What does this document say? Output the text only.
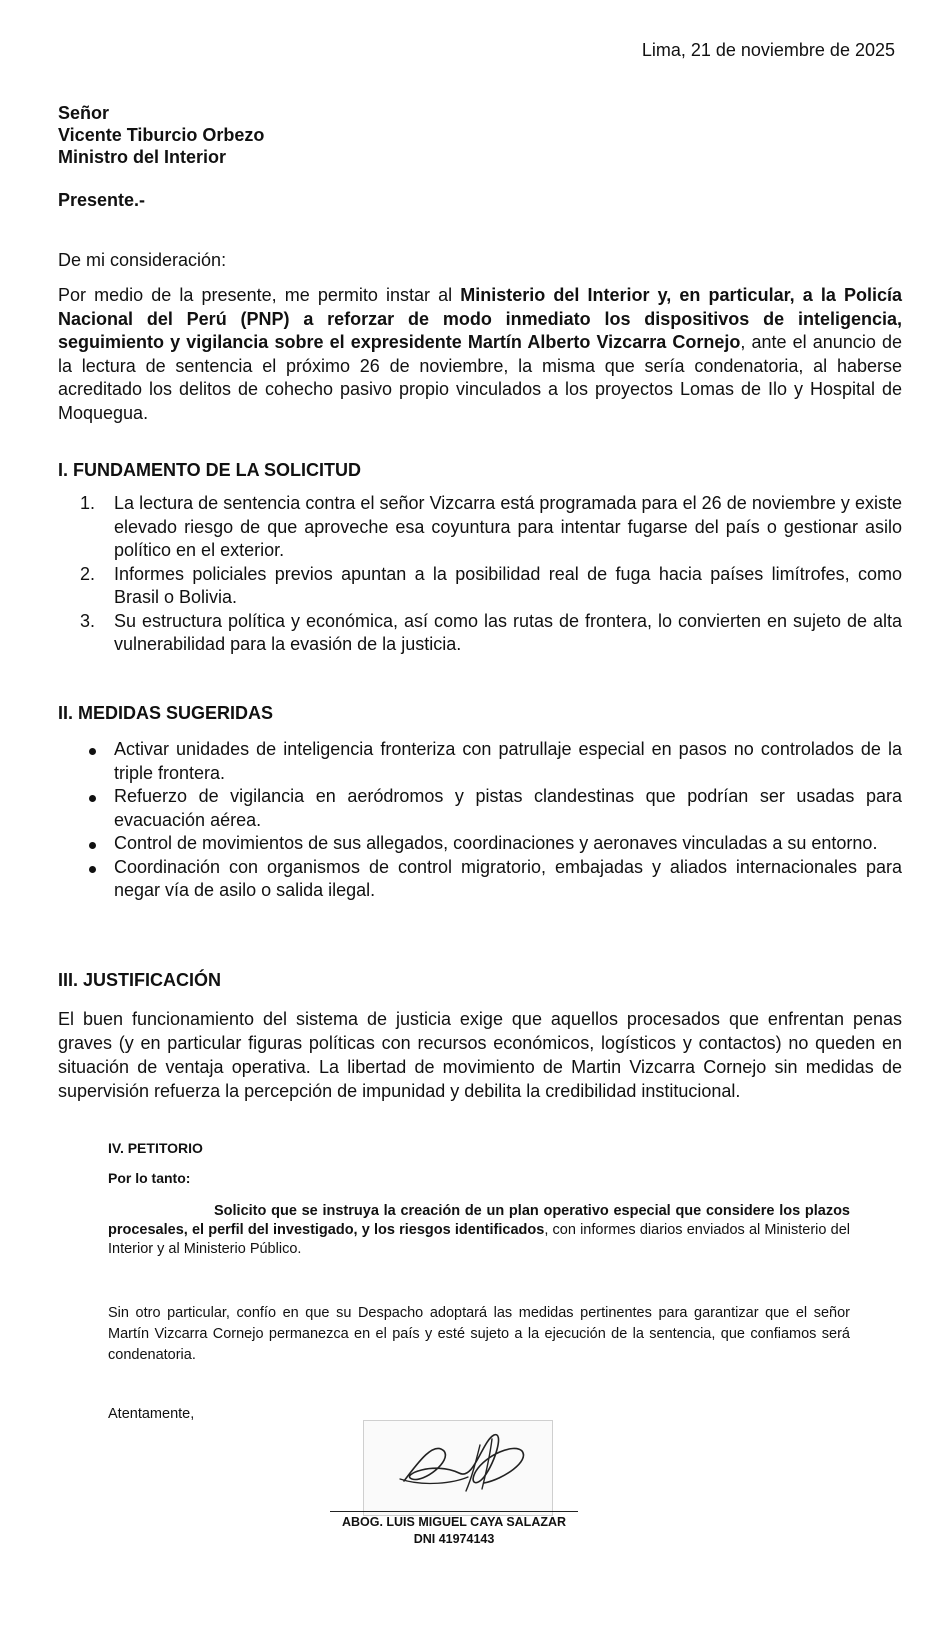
Lima, 21 de noviembre de 2025
Señor
Vicente Tiburcio Orbezo
Ministro del Interior
Presente.-
De mi consideración:
Por medio de la presente, me permito instar al Ministerio del Interior y, en particular, a la Policía Nacional del Perú (PNP) a reforzar de modo inmediato los dispositivos de inteligencia, seguimiento y vigilancia sobre el expresidente Martín Alberto Vizcarra Cornejo, ante el anuncio de la lectura de sentencia el próximo 26 de noviembre, la misma que sería condenatoria, al haberse acreditado los delitos de cohecho pasivo propio vinculados a los proyectos Lomas de Ilo y Hospital de Moquegua.
I. FUNDAMENTO DE LA SOLICITUD
1. La lectura de sentencia contra el señor Vizcarra está programada para el 26 de noviembre y existe elevado riesgo de que aproveche esa coyuntura para intentar fugarse del país o gestionar asilo político en el exterior.
2. Informes policiales previos apuntan a la posibilidad real de fuga hacia países limítrofes, como Brasil o Bolivia.
3. Su estructura política y económica, así como las rutas de frontera, lo convierten en sujeto de alta vulnerabilidad para la evasión de la justicia.
II. MEDIDAS SUGERIDAS
Activar unidades de inteligencia fronteriza con patrullaje especial en pasos no controlados de la triple frontera.
Refuerzo de vigilancia en aeródromos y pistas clandestinas que podrían ser usadas para evacuación aérea.
Control de movimientos de sus allegados, coordinaciones y aeronaves vinculadas a su entorno.
Coordinación con organismos de control migratorio, embajadas y aliados internacionales para negar vía de asilo o salida ilegal.
III. JUSTIFICACIÓN
El buen funcionamiento del sistema de justicia exige que aquellos procesados que enfrentan penas graves (y en particular figuras políticas con recursos económicos, logísticos y contactos) no queden en situación de ventaja operativa. La libertad de movimiento de Martin Vizcarra Cornejo sin medidas de supervisión refuerza la percepción de impunidad y debilita la credibilidad institucional.
IV. PETITORIO
Por lo tanto:
Solicito que se instruya la creación de un plan operativo especial que considere los plazos procesales, el perfil del investigado, y los riesgos identificados, con informes diarios enviados al Ministerio del Interior y al Ministerio Público.
Sin otro particular, confío en que su Despacho adoptará las medidas pertinentes para garantizar que el señor Martín Vizcarra Cornejo permanezca en el país y esté sujeto a la ejecución de la sentencia, que confiamos será condenatoria.
Atentamente,
ABOG. LUIS MIGUEL CAYA SALAZAR
DNI 41974143
